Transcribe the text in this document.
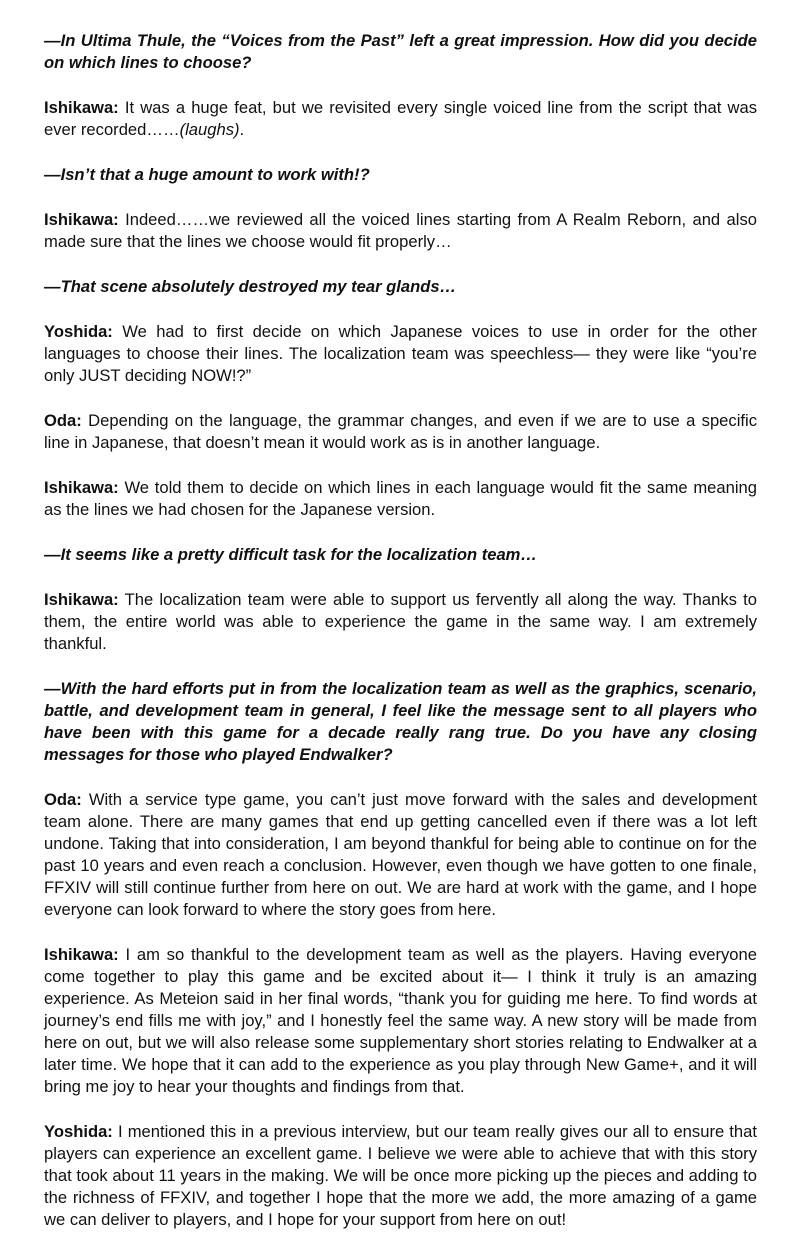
—In Ultima Thule, the “Voices from the Past” left a great impression. How did you decide on which lines to choose?

Ishikawa: It was a huge feat, but we revisited every single voiced line from the script that was ever recorded……(laughs).

—Isn’t that a huge amount to work with!?

Ishikawa: Indeed……we reviewed all the voiced lines starting from A Realm Reborn, and also made sure that the lines we choose would fit properly…

—That scene absolutely destroyed my tear glands…

Yoshida: We had to first decide on which Japanese voices to use in order for the other languages to choose their lines. The localization team was speechless— they were like “you’re only JUST deciding NOW!?”

Oda: Depending on the language, the grammar changes, and even if we are to use a specific line in Japanese, that doesn’t mean it would work as is in another language.

Ishikawa: We told them to decide on which lines in each language would fit the same meaning as the lines we had chosen for the Japanese version.

—It seems like a pretty difficult task for the localization team…

Ishikawa: The localization team were able to support us fervently all along the way. Thanks to them, the entire world was able to experience the game in the same way. I am extremely thankful.

—With the hard efforts put in from the localization team as well as the graphics, scenario, battle, and development team in general, I feel like the message sent to all players who have been with this game for a decade really rang true. Do you have any closing messages for those who played Endwalker?

Oda: With a service type game, you can’t just move forward with the sales and development team alone. There are many games that end up getting cancelled even if there was a lot left undone. Taking that into consideration, I am beyond thankful for being able to continue on for the past 10 years and even reach a conclusion. However, even though we have gotten to one finale, FFXIV will still continue further from here on out. We are hard at work with the game, and I hope everyone can look forward to where the story goes from here.

Ishikawa: I am so thankful to the development team as well as the players. Having everyone come together to play this game and be excited about it— I think it truly is an amazing experience. As Meteion said in her final words, “thank you for guiding me here. To find words at journey’s end fills me with joy,” and I honestly feel the same way. A new story will be made from here on out, but we will also release some supplementary short stories relating to Endwalker at a later time. We hope that it can add to the experience as you play through New Game+, and it will bring me joy to hear your thoughts and findings from that.

Yoshida: I mentioned this in a previous interview, but our team really gives our all to ensure that players can experience an excellent game. I believe we were able to achieve that with this story that took about 11 years in the making. We will be once more picking up the pieces and adding to the richness of FFXIV, and together I hope that the more we add, the more amazing of a game we can deliver to players, and I hope for your support from here on out!
